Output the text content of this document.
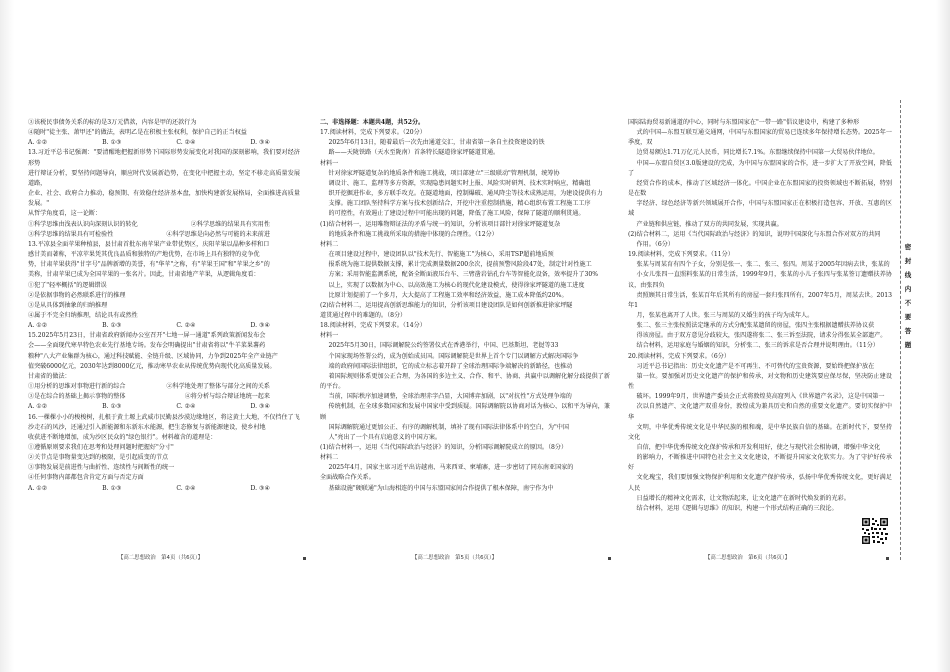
③该税民事债务关系的标的是3万元借款，内容是甲的还款行为

④随时"徒主张、萧甲还"的做法，表明乙是在积极主张权利，保护自己的正当权益

A. ①②	B. ①③	C. ②④	D. ③④

13.习近平总书记强调："要清醒地把握新形势下国际形势发展变化对我国的深刻影响，我们要对经济形势

进行辩证分析，要坚持问题导向，顺应时代发展新趋势，在变化中把握主动，坚定不移走高质量发展道路，

企业、社会、政府合力推动，稳预期、有效稳住经济基本盘，加快构建新发展格局，全面推进高质量发展。"

从哲学角度看，这一论断：

①科学思维由浅表认识向深刻认识的转化	②科学思维的结果具有实用性
③科学思维的结果具有可检验性	④科学思维是向必然与可能的未来前进

13.平凉县全面苹果种植县，县甘肃首批东南苹果产业带优势区，庆阳苹果以晶种多样和口

感甘美而著称，平凉苹果凭其优良品质和独特的产地优势，在市场上具有独特的竞争优

势，甘肃苹果获得"甘字号"品牌新增的美誉，有"华苹"之称，有"苹果王国"和"苹果之乡"的

美称，甘肃苹果已成为全国苹果的一张名片。因此，甘肃省地产苹果，从逻辑角度看：

①犯了"轻率概括"的逻辑错误

②是依据事物的必然联系进行的推理

③是从具体到抽象的归纳推理

④属于不完全归纳推理，结论具有或然性

A. ①②	B. ①③	C. ②④	D. ③④

15.2025年5月23日，甘肃省政府新闻办公室召开"七地一屏一通道"系列政策新闻发布会

会——全面现代寒旱特色农业先行基地专场。发布会明确提出"甘肃省将以"牛羊菜果薯药

粮种"八大产业集群为核心，通过科技赋能、全链升级、区域协同，力争到2025年全产业链产

值突破6000亿元，2030年达到8000亿元，推动寒旱农业从传统优势向现代化高质量发展。

甘肃省的做法：

①用分析的思维对事物进行新的综合	②科学地处理了整体与部分之间的关系
③是在综合的基础上揭示事物的整体	④将分析与综合辩证地统一起来
A. ①②	B. ①③	C. ②④	D. ③④

16.一棵棵小小的梭梭树，扎根于黄土塬上武威市民勤县沙漠边缘地区，将这黄土大地，不仅挡住了飞

沙走石的风沙，还通过引入新能源和东新东水能源，把生态修复与新能源建设，使乡村地

收获进不断地增加，成为沙区民众的"绿色银行"。材料蕴含的道理是：

①遵循原则要求我们在思考和处理问题时把握好"分寸"

②关节点是事物量变达到的极限，是引起质变的节点

③事物发展是前进性与曲折性、连续性与间断性的统一

④任何事物内部都包含肯定方面与否定方面

A. ①②	B. ①③	C. ②④	D. ③④
【高二思想政治　第4页（共6页）】

二、非选择题：本题共4题，共52分。

17.阅读材料，完成下列要求。（20分）

2025年6月13日，随着最后一次先由通道交汇，甘肃省第一条自主投资建设的铁

路——天陇铁路（天水至陇南）首条特长隧道徐家坪隧道贯通。

材料一

针对徐家坪隧道复杂的地质条件和施工挑战，项目部建立"三级联动"管理机制，统筹协

调设计、施工、监理等多方资源，实现隐患问题实时上报、风险实时研判、技术实时响应，精确组

织开挖掘进作业，多方联手攻克。在隧道地面，控制爆破、通风降尘等技术成熟运用，为建设提供有力

支撑。施工团队坚持科学方案与技术创新结合，开挖中注重控制措施，精心组织布置工程施工工序

的可控性，有效遏止了建设过程中可能出现的问题，降低了施工风险，保障了隧道的顺利贯通。

(1)结合材料一，运用唯物辩证法的矛盾与统一的知识，分析该项目部针对徐家坪隧道复杂

的地质条件和施工挑战所采取的措施中体现的合理性。（12分）

材料二

在项目建设过程中，建设团队以"技术先行、智能施工"为核心，采用TSP超前地质预

报系统为施工提供数据支撑，累计完成测量数据200余次，提前预警风险段47处，制定针对性施工

方案；采用智能监测系统，配备全断面液压台车、三臂凿岩钻孔台车等智能化设备，效率提升了30%

以上，实现了以数据为中心、以高效施工为核心的现代化建设模式，使得徐家坪隧道的施工进度

比原计划提前了一个多月，大大提高了工程施工效率和经济效益，施工成本降低约20%。

(2)结合材料二，运用提高创新思维能力的知识，分析该项目建设团队是如何创新推进徐家坪隧

道贯通过程中的难题的。（8分）

18.阅读材料，完成下列要求。（14分）

材料一

2025年5月30日，国际调解院公约签署仪式在香港举行，中国、巴基斯坦、老挝等33

个国家现场签署公约，成为创始成员国。国际调解院是世界上首个专门以调解方式解决国际争

端的政府间国际法律组织，它的成立标志着开辟了全球治理国际争端解决的新路径，也推动

着国际规则体系更加公正合理，为各国的多边主义、合作、和平、协商、共赢中以调解化解分歧提供了新的平台。

当前，国际秩序加速调整，全球治理赤字凸显，大国博弈加剧，以"对抗性"方式处理争端的

传统机制，在全球多数国家和发展中国家中受到质疑。国际调解院以协商对话为核心、以和平为导向，兼顾

国际调解院通过更加公正、有序的调解机制，填补了现有国际法律体系中的空白，为"中国

人"亮出了一个具有启迪意义的中国方案。

(1)结合材料一，运用《当代国际政治与经济》的知识，分析国际调解院成立的原因。（8分）

材料二

2025年4月，国家主席习近平出访越南、马来西亚、柬埔寨，进一步密切了同东南亚国家的

全面战略合作关系。

基础设施"硬联通"为山海相连的中国与东盟国家间合作提供了根本保障，南宁作为中

【高二思想政治　第5页（共6页）】

国际陆海贸易新通道的中心，同时与东盟国家在"一带一路"倡议建设中，构建了多种形

式的中国—东盟互联互通交通网，中国与东盟国家的贸易已连续多年保持增长态势。2025年一季度，双

边贸易额达1.71万亿元人民币，同比增长7.1%。东盟继续保持中国第一大贸易伙伴地位。

中国—东盟自贸区3.0版建设的完成，为中国与东盟国家的合作，进一步扩大了开放空间，降低了

经贸合作的成本，推动了区域经济一体化。中国企业在东盟国家的投资领域也不断拓展，特别是在数

字经济、绿色经济等新兴领域展开合作，中国与东盟国家正在积极打造包容、开放、互惠的区域

产业链和供应链，推动了双方的共同发展，实现共赢。

(2)结合材料二，运用《当代国际政治与经济》的知识，说明中国深化与东盟合作对双方的共同

作用。（6分）

19.阅读材料，完成下列要求。（11分）

张某与周某育有四个子女，分别是张一、张二、张三、张四。周某于2005年因病去世，张某的

小女儿张四一直照料张某的日常生活，1999年9月，张某的小儿子张四与张某签订遗赠扶养协议，由张四负

责照顾其日常生活，张某百年后其所有的房屋一套归张四所有，2007年5月，周某去世。2013年1

月，张某也离开了人世。张三与周某的又婚生的孩子均为成年人。

张二、张三主张按照法定继承的方式分配张某遗留的房屋，张四主张根据遗赠扶养协议获

得该房屋。由于双方意见分歧较大，张四遂将张二、张三诉至法院，请求分得张某全部遗产。

结合材料，运用家庭与婚姻的知识，分析张二、张三的诉求是否合理并说明理由。（11分）

20.阅读材料，完成下列要求。（6分）

习近平总书记指出：历史文化遗产是不可再生、不可替代的宝贵资源，要始终把保护放在

第一位。要加强对历史文化遗产的保护和传承，对文物和历史建筑要应保尽保，坚决防止建设性

破坏。1999年9月，世界遗产委员会正式将敦煌莫高窟列入《世界遗产名录》，这是中国第一

次以自然遗产、文化遗产双重身份，敦煌成为兼具历史和自然的重要文化遗产。要切实保护中华

文明，中华优秀传统文化是中华民族的根和魂，是中华民族自信的基础。在新时代下，要坚持文化

自信，把中华优秀传统文化保护传承和开发利用好，使之与现代社会相协调，增强中华文化

的影响力，不断推进中国特色社会主义文化建设，不断提升国家文化软实力。为了守护好传承好

文化瑰宝，我们要加强文物保护利用和文化遗产保护传承，弘扬中华优秀传统文化，更好满足人民

日益增长的精神文化需求，让文物活起来，让文化遗产在新时代焕发新的光彩。

结合材料，运用《逻辑与思维》的知识，构建一个形式结构正确的三段论。

【高二思想政治　第6页（共6页）】
密
封
线
内
不
要
答
题
